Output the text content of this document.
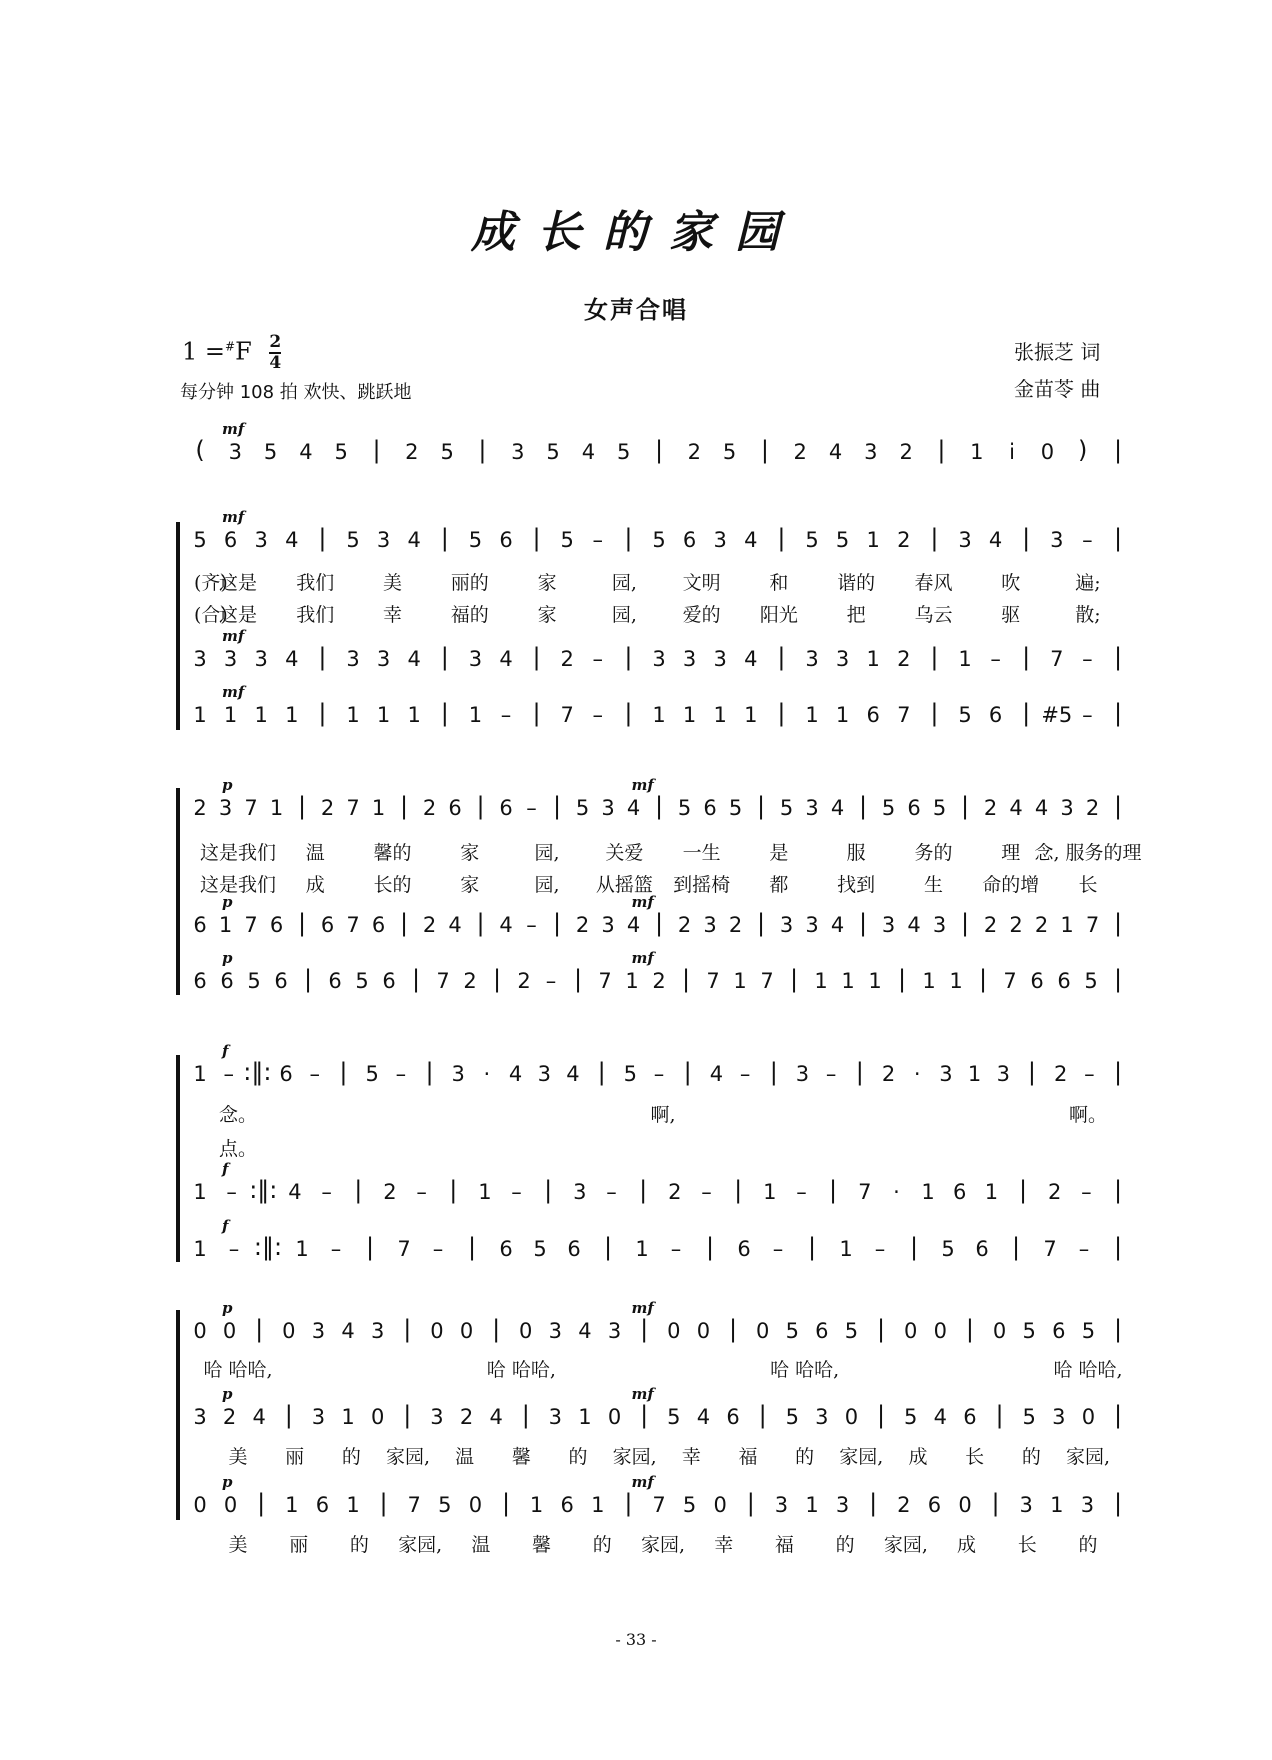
成长的家园
女声合唱
$1 =^{\#}F \frac{2}{4}$
每分钟 108 拍 欢快、跳跃地
张振芝 词
金苗苓 曲
( 3 5 4 5 | 2 5 | 3 5 4 5 | 2 5 | 2 4 3 2 | 1 i 0 ) |
mf
5 6 3 4 | 5 3 4 | 5 6 | 5 – | 5 6 3 4 | 5 5 1 2 | 3 4 | 3 – |
mf
3 3 3 4 | 3 3 4 | 3 4 | 2 – | 3 3 3 4 | 3 3 1 2 | 1 – | 7 – |
mf
1 1 1 1 | 1 1 1 | 1 – | 7 – | 1 1 1 1 | 1 1 6 7 | 5 6 | #5 – |
mf
(齐)
这是 我们	美	丽的	家	园, 文明	和	谐的 春风	吹	遍;
(合)
这是 我们	幸	福的	家	园, 爱的 阳光	把	乌云	驱	散;
2 3 7 1 | 2 7 1 | 2 6 | 6 – | 5 3 4 | 5 6 5 | 5 3 4 | 5 6 5 | 2 4 4 3 2 |
p	mf
6 1 7 6 | 6 7 6 | 2 4 | 4 – | 2 3 4 | 2 3 2 | 3 3 4 | 3 4 3 | 2 2 2 1 7 |
p	mf
6 6 5 6 | 6 5 6 | 7 2 | 2 – | 7 1 2 | 7 1 7 | 1 1 1 | 1 1 | 7 6 6 5 |
p	mf
这是我们 温	馨的	家	园, 关爱 一生	是	服	务的	理 念, 服务的理
这是我们 成	长的	家	园, 从摇篮 到摇椅 都	找到	生 命的增 长
1 – :‖: 6 – | 5 – | 3 · 4 3 4 | 5 – | 4 – | 3 – | 2 · 3 1 3 | 2 – |
f
1 – :‖: 4 – | 2 – | 1 – | 3 – | 2 – | 1 – | 7 · 1 6 1 | 2 – |
f
1 – :‖: 1 – | 7 – | 6 5 6 | 1 – | 6 – | 1 – | 5 6 | 7 – |
f
念。	啊,	啊。
点。
0 0 | 0 3 4 3 | 0 0 | 0 3 4 3 | 0 0 | 0 5 6 5 | 0 0 | 0 5 6 5 |
p	mf
3 2 4 | 3 1 0 | 3 2 4 | 3 1 0 | 5 4 6 | 5 3 0 | 5 4 6 | 5 3 0 |
p	mf
0 0 | 1 6 1 | 7 5 0 | 1 6 1 | 7 5 0 | 3 1 3 | 2 6 0 | 3 1 3 |
p	mf
哈 哈哈,	哈 哈哈,	哈 哈哈,	哈 哈哈,
美 丽 的 家园, 温 馨 的 家园, 幸 福 的 家园, 成 长 的 家园,
美 丽 的 家园, 温 馨 的 家园, 幸 福 的 家园, 成 长 的
- 33 -
